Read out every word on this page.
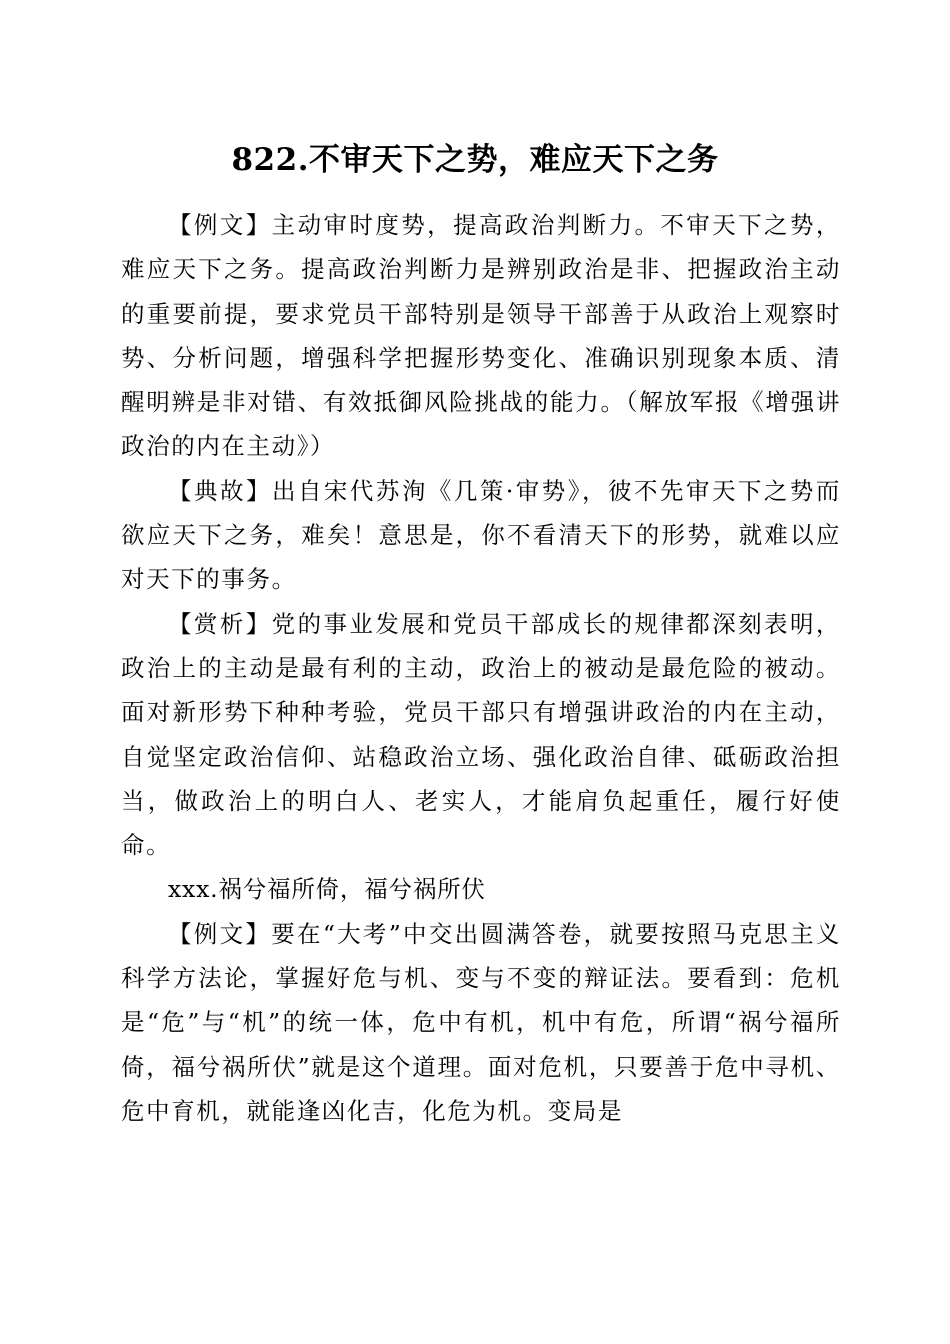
822.不审天下之势，难应天下之务

【例文】主动审时度势，提高政治判断力。不审天下之势，难应天下之务。提高政治判断力是辨别政治是非、把握政治主动的重要前提，要求党员干部特别是领导干部善于从政治上观察时势、分析问题，增强科学把握形势变化、准确识别现象本质、清醒明辨是非对错、有效抵御风险挑战的能力。（解放军报《增强讲政治的内在主动》）

【典故】出自宋代苏洵《几策·审势》，彼不先审天下之势而欲应天下之务，难矣！意思是，你不看清天下的形势，就难以应对天下的事务。

【赏析】党的事业发展和党员干部成长的规律都深刻表明，政治上的主动是最有利的主动，政治上的被动是最危险的被动。面对新形势下种种考验，党员干部只有增强讲政治的内在主动，自觉坚定政治信仰、站稳政治立场、强化政治自律、砥砺政治担当，做政治上的明白人、老实人，才能肩负起重任，履行好使命。

xxx.祸兮福所倚，福兮祸所伏

【例文】要在“大考”中交出圆满答卷，就要按照马克思主义科学方法论，掌握好危与机、变与不变的辩证法。要看到：危机是“危”与“机”的统一体，危中有机，机中有危，所谓“祸兮福所倚，福兮祸所伏”就是这个道理。面对危机，只要善于危中寻机、危中育机，就能逢凶化吉，化危为机。变局是
